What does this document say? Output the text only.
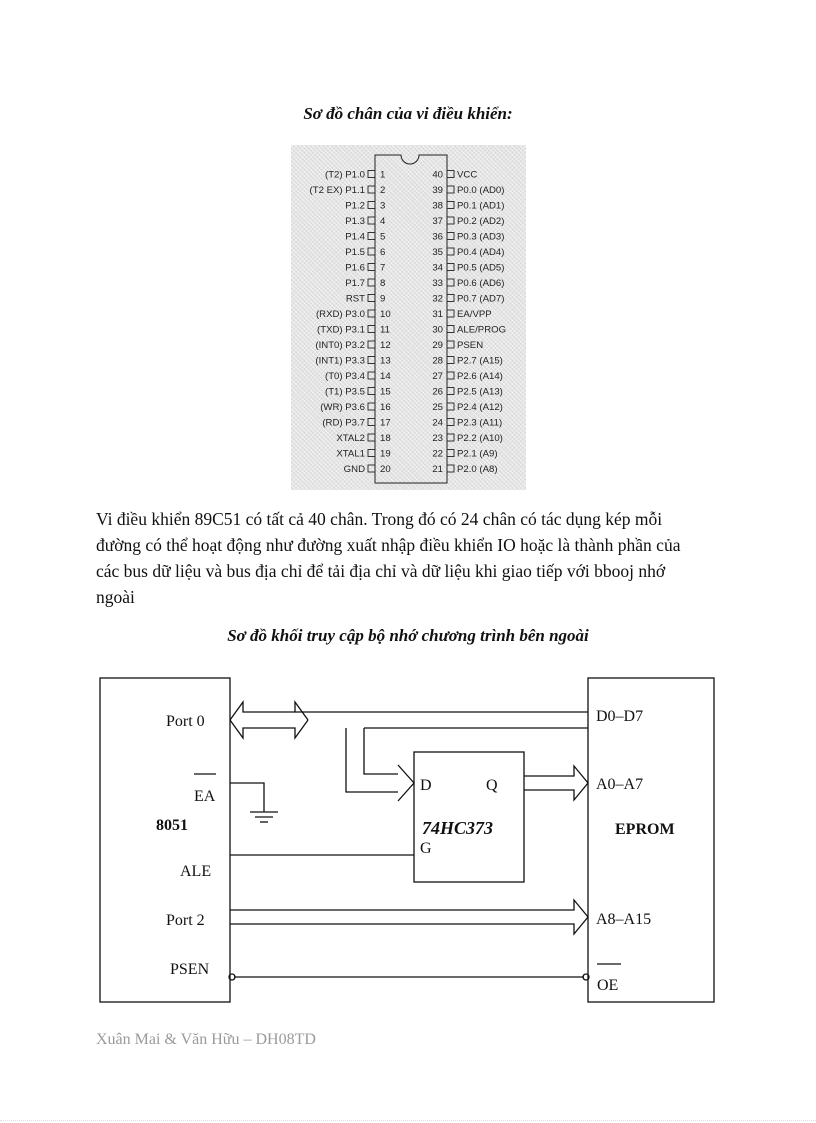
Sơ đồ chân của vi điều khiển:
(T2) P1.0 1
(T2 EX) P1.1 2
P1.2 3
P1.3 4
P1.4 5
P1.5 6
P1.6 7
P1.7 8
RST 9
(RXD) P3.0 10
(TXD) P3.1 11
(INT0) P3.2 12
(INT1) P3.3 13
(T0) P3.4 14
(T1) P3.5 15
(WR) P3.6 16
(RD) P3.7 17
XTAL2 18
XTAL1 19
GND 20
40 VCC
39 P0.0 (AD0)
38 P0.1 (AD1)
37 P0.2 (AD2)
36 P0.3 (AD3)
35 P0.4 (AD4)
34 P0.5 (AD5)
33 P0.6 (AD6)
32 P0.7 (AD7)
31 EA/VPP
30 ALE/PROG
29 PSEN
28 P2.7 (A15)
27 P2.6 (A14)
26 P2.5 (A13)
25 P2.4 (A12)
24 P2.3 (A11)
23 P2.2 (A10)
22 P2.1 (A9)
21 P2.0 (A8)

Vi điều khiển 89C51 có tất cả 40 chân. Trong đó có 24 chân có tác dụng kép mỗi

đường có thể hoạt động như đường xuất nhập điều khiển IO hoặc là thành phần của

các bus dữ liệu và bus địa chỉ để tải địa chỉ và dữ liệu khi giao tiếp với bbooj nhớ

ngoài

Sơ đồ khối truy cập bộ nhớ chương trình bên ngoài
Port 0
EA
8051
ALE
Port 2
PSEN
D	Q
G
74HC373
D0–D7
A0–A7
EPROM
A8–A15
OE
Xuân Mai & Văn Hữu – DH08TD
